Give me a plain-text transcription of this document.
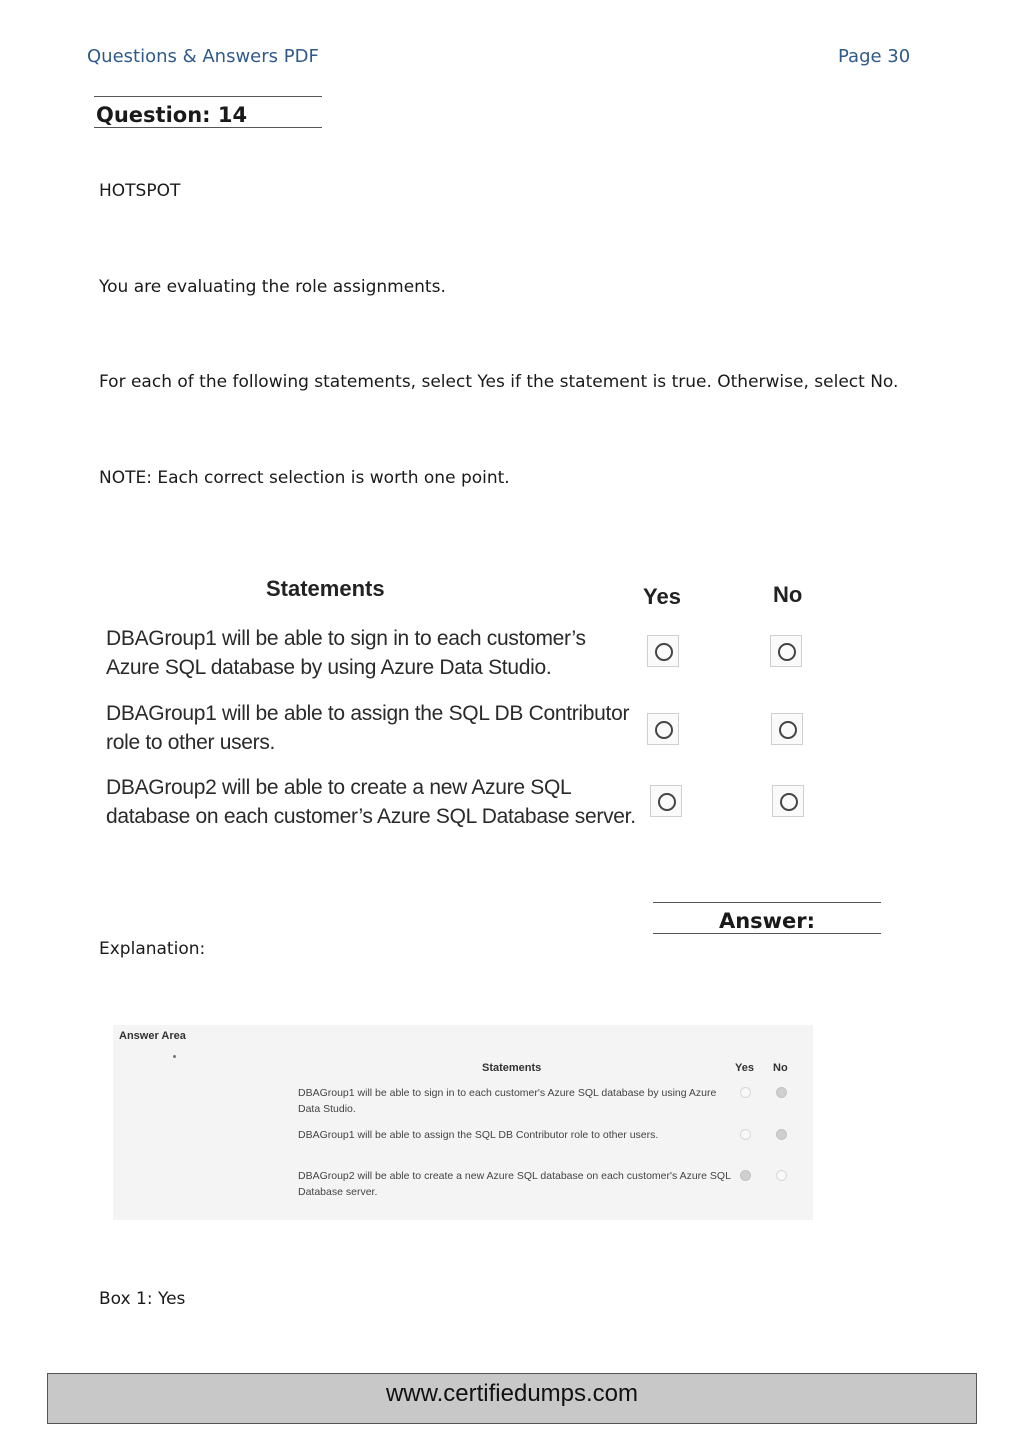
Questions & Answers PDF	Page 30
Question: 14
HOTSPOT
You are evaluating the role assignments.
For each of the following statements, select Yes if the statement is true. Otherwise, select No.
NOTE: Each correct selection is worth one point.
Statements	Yes	No
DBAGroup1 will be able to sign in to each customer’s
Azure SQL database by using Azure Data Studio.
DBAGroup1 will be able to assign the SQL DB Contributor
role to other users.
DBAGroup2 will be able to create a new Azure SQL
database on each customer’s Azure SQL Database server.
Answer:
Explanation:
Answer Area
Statements	Yes No
DBAGroup1 will be able to sign in to each customer's Azure SQL database by using Azure Data Studio.
DBAGroup1 will be able to assign the SQL DB Contributor role to other users.
DBAGroup2 will be able to create a new Azure SQL database on each customer's Azure SQL Database server.
Box 1: Yes
www.certifiedumps.com
